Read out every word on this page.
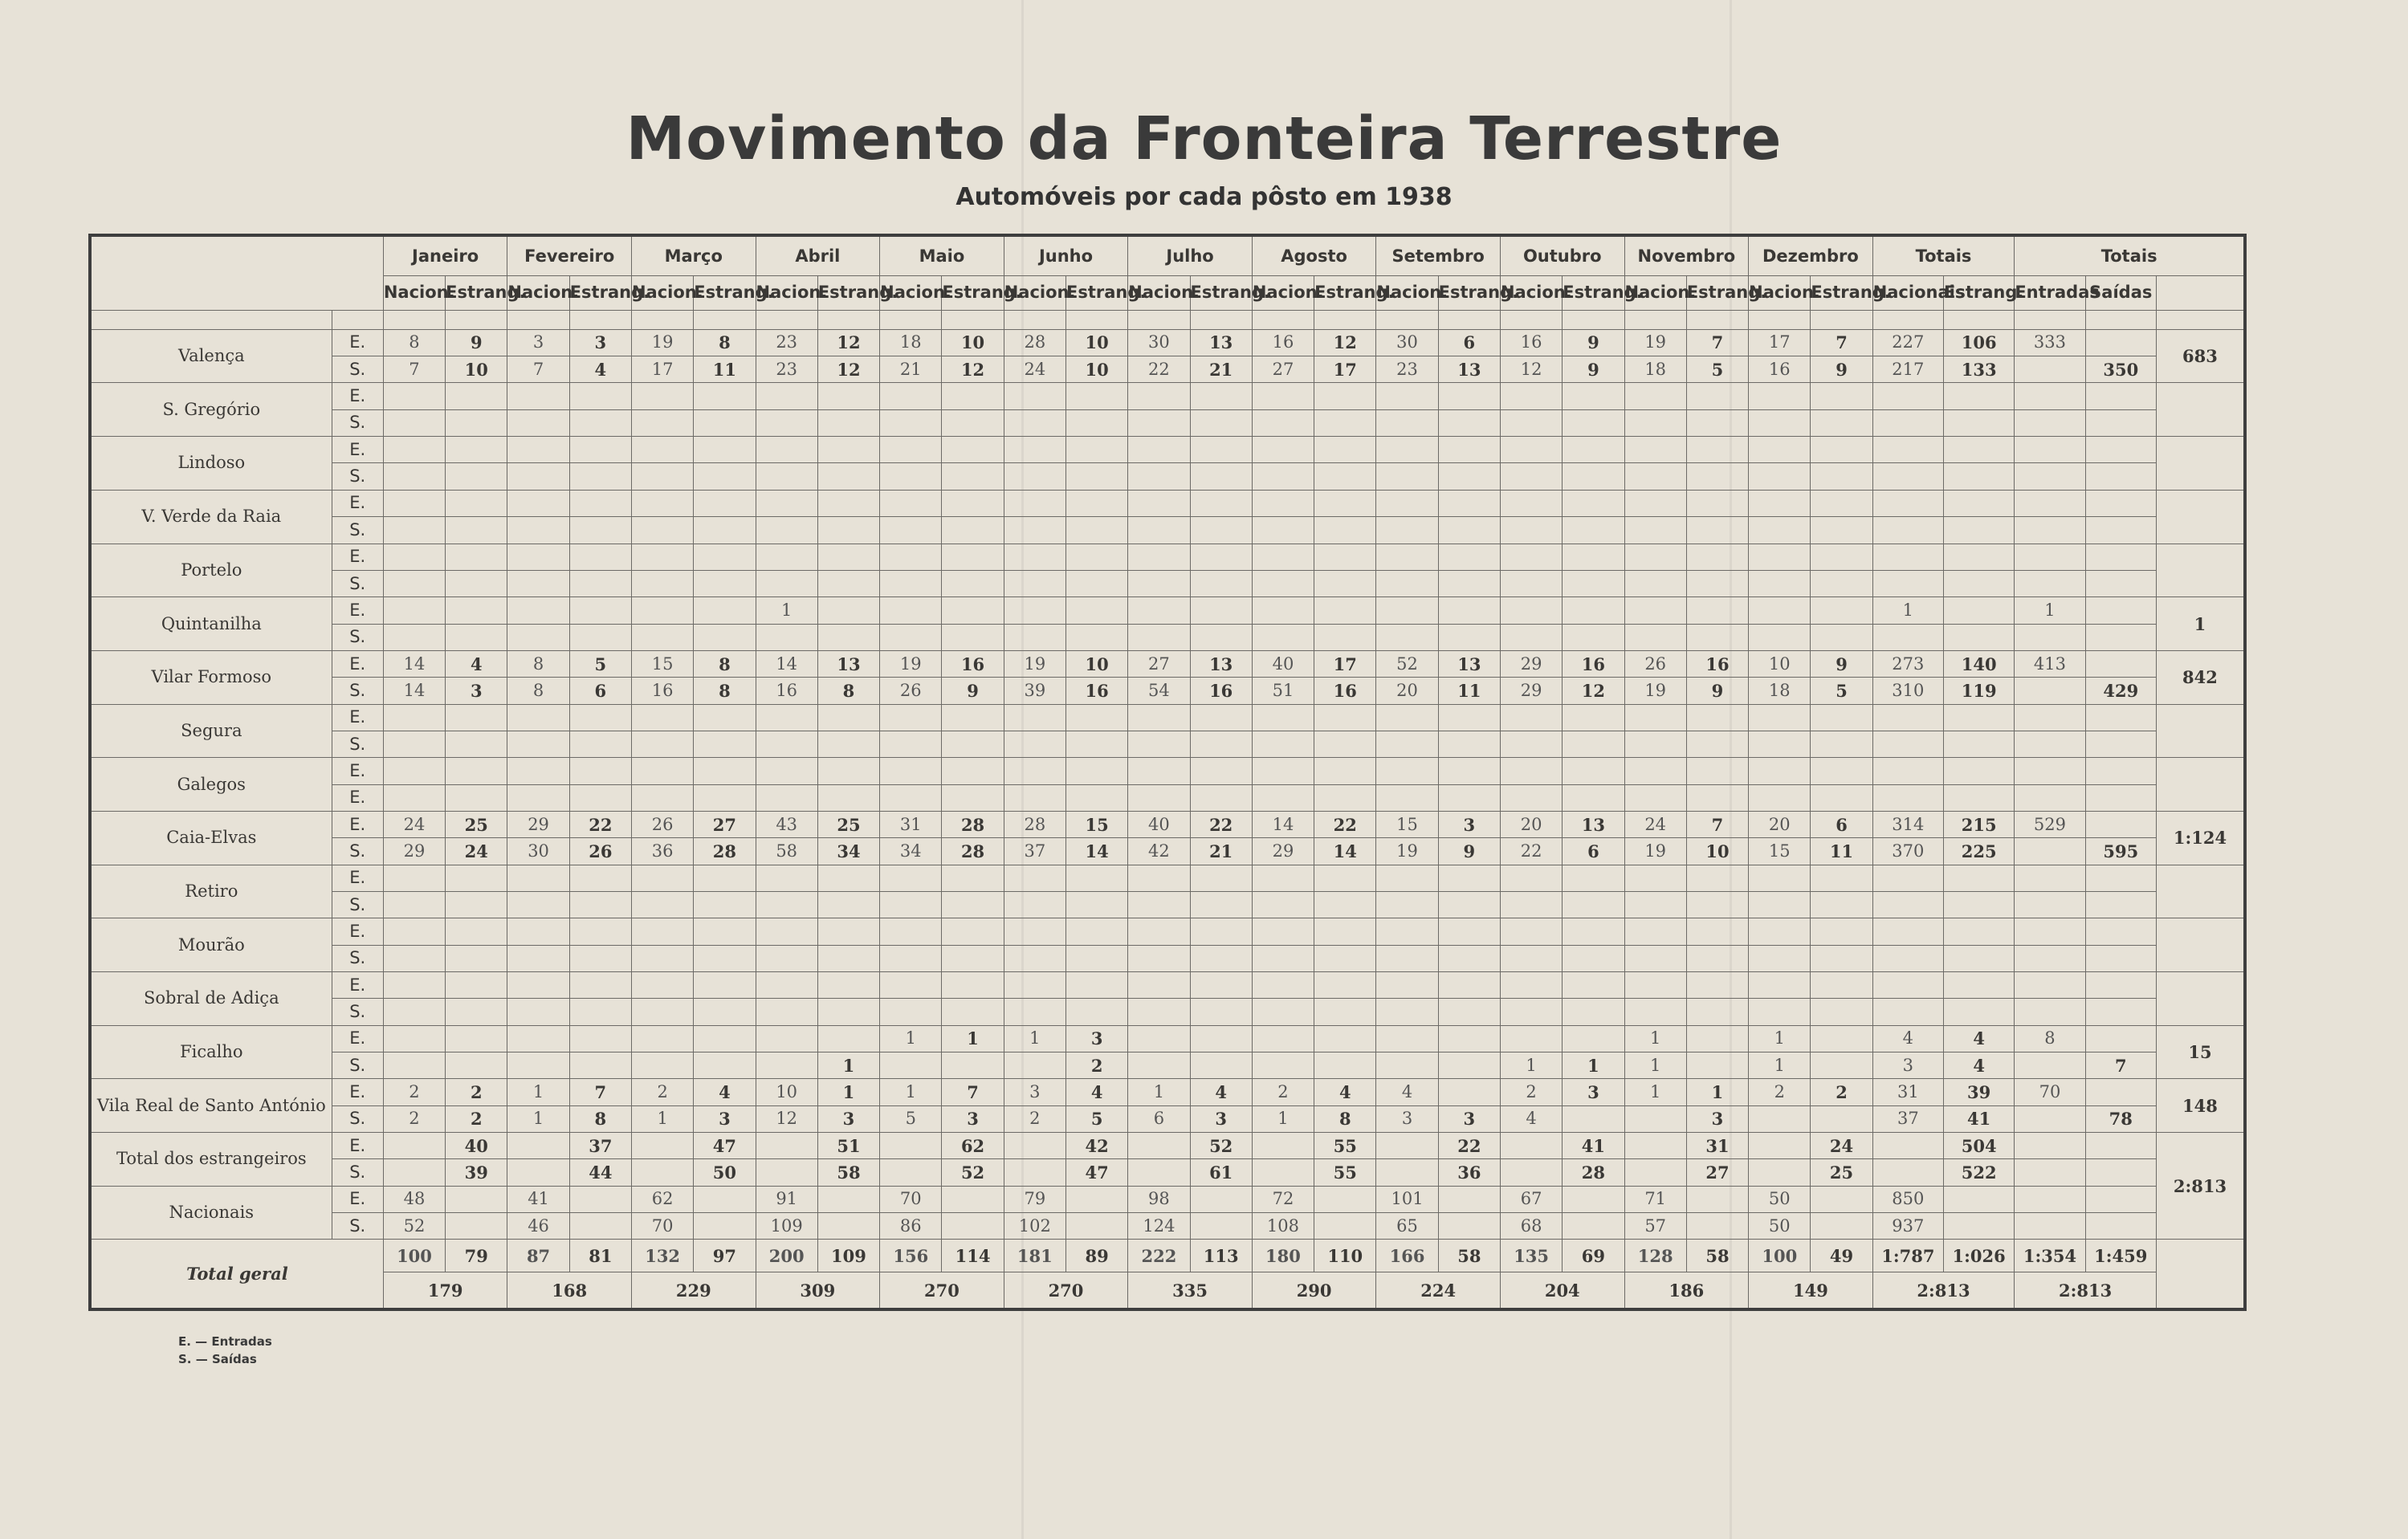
Movimento da Fronteira Terrestre
Automóveis por cada pôsto em 1938
		Janeiro		Fevereiro		Março		Abril		Maio		Junho		Julho		Agosto		Setembro		Outubro		Novembro		Dezembro		Totais		Totais		
		Nacion.	Estrang.	Nacion.	Estrang.	Nacion.	Estrang.	Nacion.	Estrang.	Nacion.	Estrang.	Nacion.	Estrang.	Nacion.	Estrang.	Nacion.	Estrang.	Nacion.	Estrang.	Nacion.	Estrang.	Nacion.	Estrang.	Nacion.	Estrang.	Nacionais	Estrang.	Entradas	Saídas	

Valença	E.	8	9	3	3	19	8	23	12	18	10	28	10	30	13	16	12	30	6	16	9	19	7	17	7	227	106	333		683
	S.	7	10	7	4	17	11	23	12	21	12	24	10	22	21	27	17	23	13	12	9	18	5	16	9	217	133		350	
S. Gregório	E.																													
	S.																													
Lindoso	E.																													
	S.																													
V. Verde da Raia	E.																													
	S.																													
Portelo	E.																													
	S.																													
Quintanilha	E.							1																		1		1		1
	S.																													
Vilar Formoso	E.	14	4	8	5	15	8	14	13	19	16	19	10	27	13	40	17	52	13	29	16	26	16	10	9	273	140	413		842
	S.	14	3	8	6	16	8	16	8	26	9	39	16	54	16	51	16	20	11	29	12	19	9	18	5	310	119		429	
Segura	E.																													
	S.																													
Galegos	E.																													
	E.																													
Caia-Elvas	E.	24	25	29	22	26	27	43	25	31	28	28	15	40	22	14	22	15	3	20	13	24	7	20	6	314	215	529		1:124
	S.	29	24	30	26	36	28	58	34	34	28	37	14	42	21	29	14	19	9	22	6	19	10	15	11	370	225		595	
Retiro	E.																													
	S.																													
Mourão	E.																													
	S.																													
Sobral de Adiça	E.																													
	S.																													
Ficalho	E.									1	1	1	3									1		1		4	4	8		15
	S.								1				2							1	1	1		1		3	4		7	
Vila Real de Santo António	E.	2	2	1	7	2	4	10	1	1	7	3	4	1	4	2	4	4		2	3	1	1	2	2	31	39	70		148
	S.	2	2	1	8	1	3	12	3	5	3	2	5	6	3	1	8	3	3	4			3			37	41		78	
Total dos estrangeiros	E.		40		37		47		51		62		42		52		55		22		41		31		24		504			2:813
	S.		39		44		50		58		52		47		61		55		36		28		27		25		522			
Nacionais	E.	48		41		62		91		70		79		98		72		101		67		71		50		850				
	S.	52		46		70		109		86		102		124		108		65		68		57		50		937				
Total geral		100	79	87	81	132	97	200	109	156	114	181	89	222	113	180	110	166	58	135	69	128	58	100	49	1:787	1:026	1:354	1:459	
		179		168		229		309		270		270		335		290		224		204		186		149		2:813		2:813		
E. — Entradas
S. — Saídas
